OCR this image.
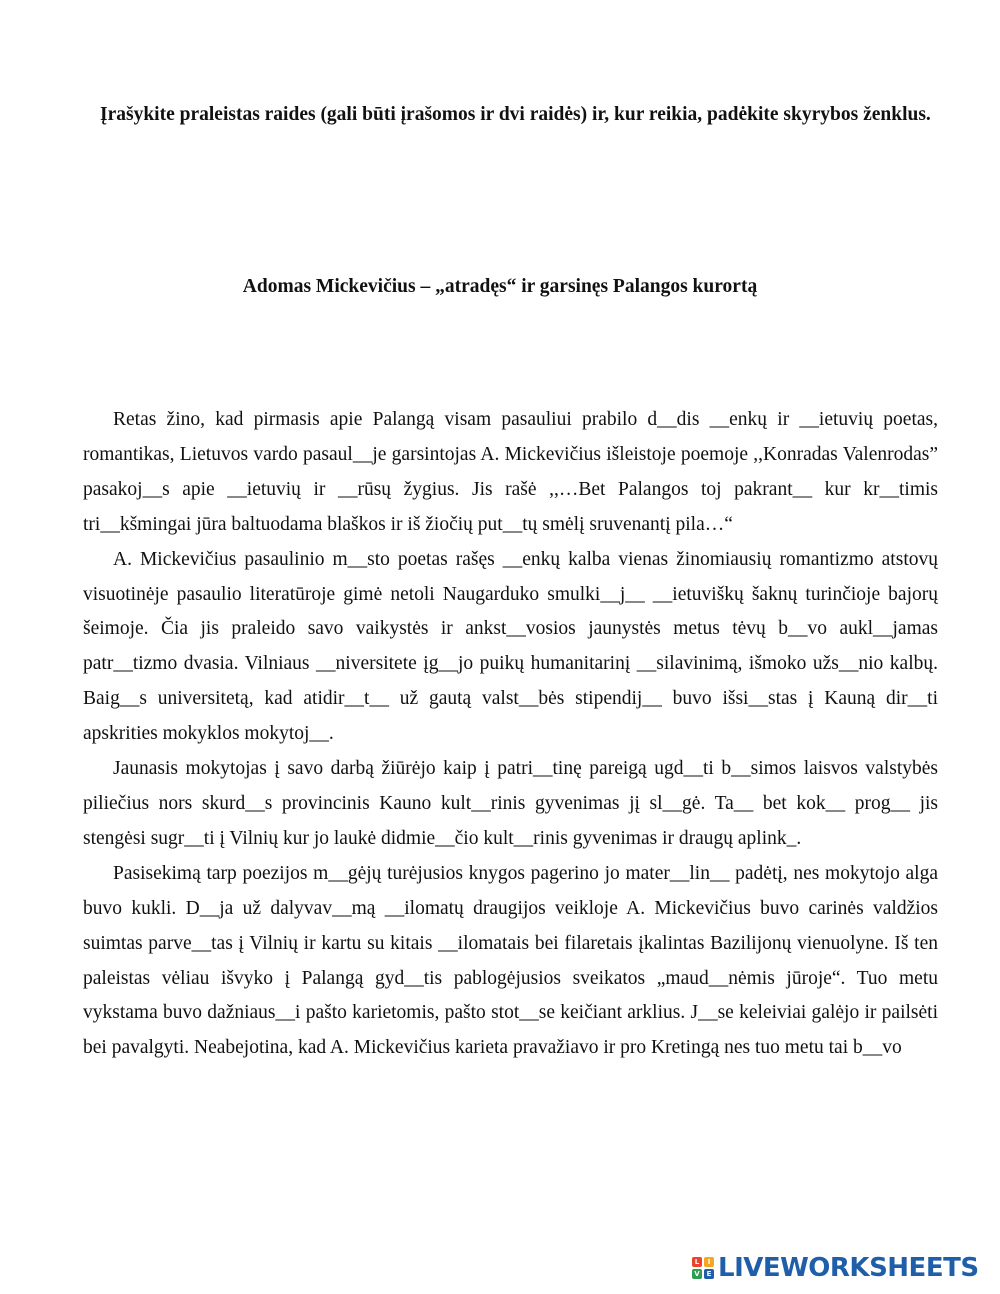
Įrašykite praleistas raides (gali būti įrašomos ir dvi raidės) ir, kur reikia, padėkite skyrybos ženklus.

Adomas Mickevičius – „atradęs“ ir garsinęs Palangos kurortą

Retas žino, kad pirmasis apie Palangą visam pasauliui prabilo d__dis __enkų ir __ietuvių poetas, romantikas, Lietuvos vardo pasaul__je garsintojas A. Mickevičius išleistoje poemoje ,,Konradas Valenrodas” pasakoj__s apie __ietuvių ir __rūsų žygius. Jis rašė ,,…Bet Palangos toj pakrant__ kur kr__timis tri__kšmingai jūra baltuodama blaškos ir iš žiočių put__tų smėlį sruvenantį pila…“

A. Mickevičius pasaulinio m__sto poetas rašęs __enkų kalba vienas žinomiausių romantizmo atstovų visuotinėje pasaulio literatūroje gimė netoli Naugarduko smulki__j__ __ietuviškų šaknų turinčioje bajorų šeimoje. Čia jis praleido savo vaikystės ir ankst__vosios jaunystės metus tėvų b__vo aukl__jamas patr__tizmo dvasia. Vilniaus __niversitete įg__jo puikų humanitarinį __silavinimą, išmoko užs__nio kalbų. Baig__s universitetą, kad atidir__t__ už gautą valst__bės stipendij__ buvo išsi__stas į Kauną dir__ti apskrities mokyklos mokytoj__.

Jaunasis mokytojas į savo darbą žiūrėjo kaip į patri__tinę pareigą ugd__ti b__simos laisvos valstybės piliečius nors skurd__s provincinis Kauno kult__rinis gyvenimas jį sl__gė. Ta__ bet kok__ prog__ jis stengėsi sugr__ti į Vilnių kur jo laukė didmie__čio kult__rinis gyvenimas ir draugų aplink_.

Pasisekimą tarp poezijos m__gėjų turėjusios knygos pagerino jo mater__lin__ padėtį, nes mokytojo alga buvo kukli. D__ja už dalyvav__mą __ilomatų draugijos veikloje A. Mickevičius buvo carinės valdžios suimtas parve__tas į Vilnių ir kartu su kitais __ilomatais bei filaretais įkalintas Bazilijonų vienuolyne. Iš ten paleistas vėliau išvyko į Palangą gyd__tis pablogėjusios sveikatos „maud__nėmis jūroje“. Tuo metu vykstama buvo dažniaus__i pašto karietomis, pašto stot__se keičiant arklius. J__se keleiviai galėjo ir pailsėti bei pavalgyti. Neabejotina, kad A. Mickevičius karieta pravažiavo ir pro Kretingą nes tuo metu tai b__vo

L	I
V E LIVEWORKSHEETS
